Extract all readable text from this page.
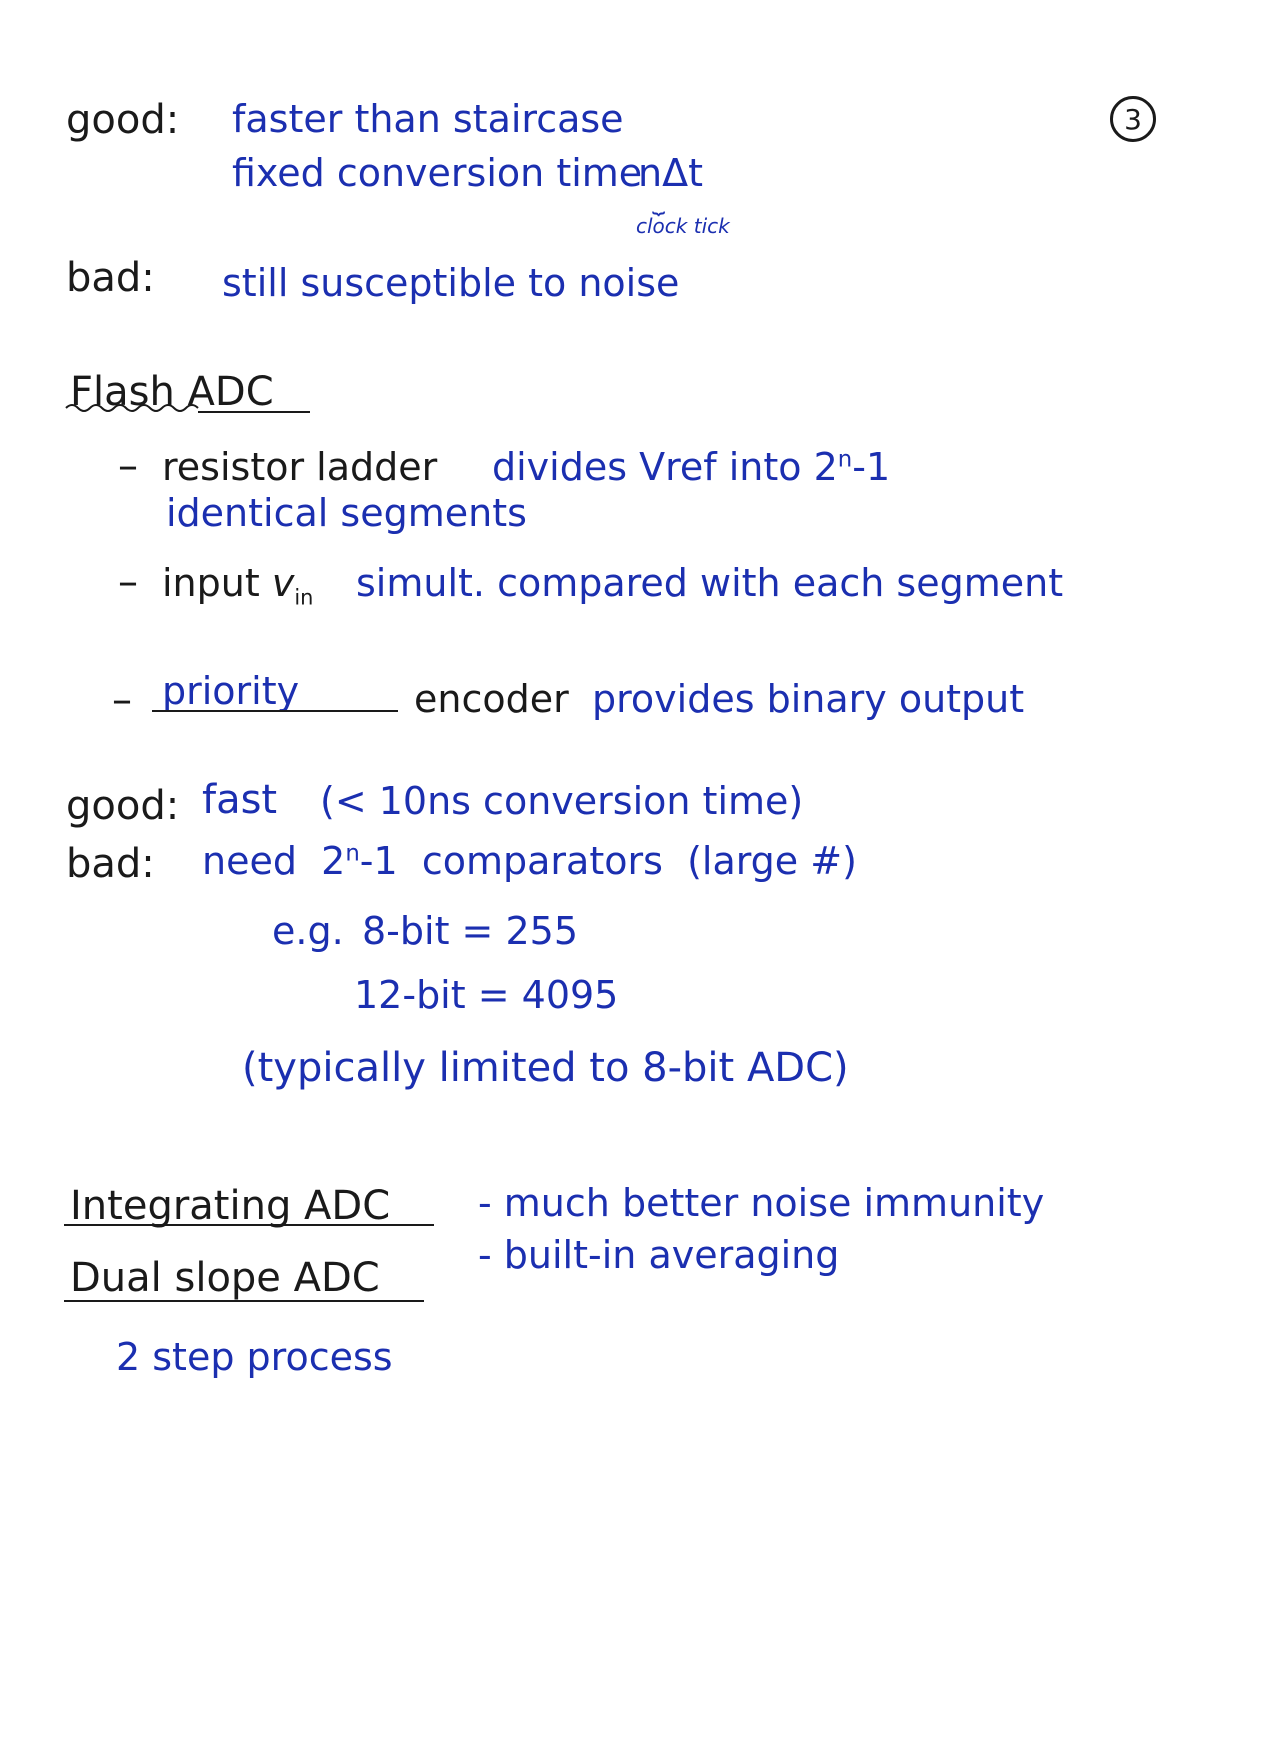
3
good: faster than staircase
fixed conversion time
nΔt
⏟
clock tick
bad: still susceptible to noise
Flash ADC
– resistor ladder divides Vref into 2$^n$-1
identical segments
– input $v_{in}$ simult. compared with each segment
– priority	encoder provides binary output
good: fast (< 10ns conversion time)
bad: need 2$^n$-1 comparators (large #)
e.g. 8-bit = 255
12-bit = 4095
(typically limited to 8-bit ADC)
Integrating ADC
Dual slope ADC
- much better noise immunity
- built-in averaging
2 step process
